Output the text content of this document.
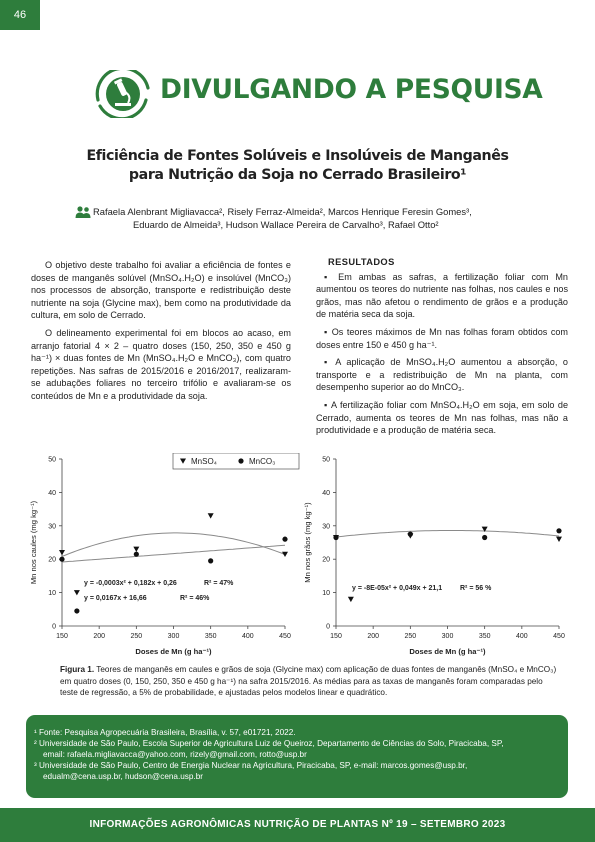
46
DIVULGANDO A PESQUISA
Eficiência de Fontes Solúveis e Insolúveis de Manganês
para Nutrição da Soja no Cerrado Brasileiro¹
Rafaela Alenbrant Migliavacca², Risely Ferraz-Almeida², Marcos Henrique Feresin Gomes³,
Eduardo de Almeida³, Hudson Wallace Pereira de Carvalho³, Rafael Otto²

O objetivo deste trabalho foi avaliar a eficiência de fontes e doses de manganês solúvel (MnSO₄.H₂O) e insolúvel (MnCO₃) nos processos de absorção, transporte e redistribuição deste nutriente na soja (Glycine max), bem como na produtividade da cultura, em solo de Cerrado.

O delineamento experimental foi em blocos ao acaso, em arranjo fatorial 4 × 2 – quatro doses (150, 250, 350 e 450 g ha⁻¹) × duas fontes de Mn (MnSO₄.H₂O e MnCO₃), com quatro repetições. Nas safras de 2015/2016 e 2016/2017, realizaram-se adubações foliares no terceiro trifólio e avaliaram-se os conteúdos de Mn e a produtividade da soja.

RESULTADOS

▪ Em ambas as safras, a fertilização foliar com Mn aumentou os teores do nutriente nas folhas, nos caules e nos grãos, mas não afetou o rendimento de grãos e a produção de matéria seca da soja.

▪ Os teores máximos de Mn nas folhas foram obtidos com doses entre 150 e 450 g ha⁻¹.

▪ A aplicação de MnSO₄.H₂O aumentou a absorção, o transporte e a redistribuição de Mn na planta, com desempenho superior ao do MnCO₃.

▪ A fertilização foliar com MnSO₄.H₂O em soja, em solo de Cerrado, aumenta os teores de Mn nas folhas, mas não a produtividade e a produção de matéria seca.

0
10
20
30
40
50
150	200	250	300	350	400	450
Doses de Mn (g ha⁻¹)
Mn nos caules (mg kg⁻¹)	y = -0,0003x² + 0,182x + 0,26	R² = 47%
y = 0,0167x + 16,66	R² = 46%
MnSO₄	MnCO₃
0
10
20
30
40
50
150	200	250	300	350	400	450
Doses de Mn (g ha⁻¹)
Mn nos grãos (mg kg⁻¹)
y = -8E-05x² + 0,049x + 21,1	R² = 56 %
Figura 1. Teores de manganês em caules e grãos de soja (Glycine max) com aplicação de duas fontes de manganês (MnSO₄ e MnCO₃) em quatro doses (0, 150, 250, 350 e 450 g ha⁻¹) na safra 2015/2016. As médias para as taxas de manganês foram comparadas pelo teste de regressão, a 5% de probabilidade, e ajustadas pelos modelos linear e quadrático.
¹ Fonte: Pesquisa Agropecuária Brasileira, Brasília, v. 57, e01721, 2022.
² Universidade de São Paulo, Escola Superior de Agricultura Luiz de Queiroz, Departamento de Ciências do Solo, Piracicaba, SP,
email: rafaela.migliavacca@yahoo.com, rizely@gmail.com, rotto@usp.br
³ Universidade de São Paulo, Centro de Energia Nuclear na Agricultura, Piracicaba, SP, e-mail: marcos.gomes@usp.br,
edualm@cena.usp.br, hudson@cena.usp.br
INFORMAÇÕES AGRONÔMICAS NUTRIÇÃO DE PLANTAS Nº 19 – SETEMBRO 2023
